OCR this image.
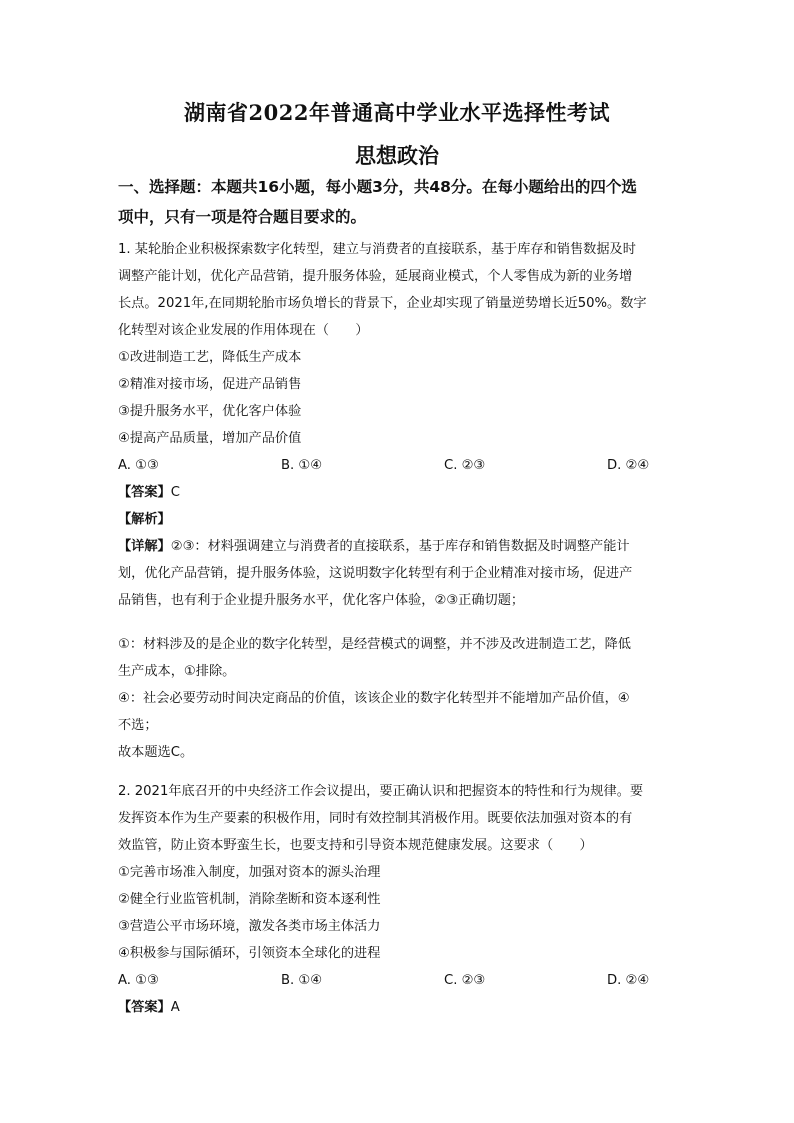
湖南省2022年普通高中学业水平选择性考试
思想政治
一、选择题：本题共16小题，每小题3分，共48分。在每小题给出的四个选
项中，只有一项是符合题目要求的。
1. 某轮胎企业积极探索数字化转型，建立与消费者的直接联系，基于库存和销售数据及时
调整产能计划，优化产品营销，提升服务体验，延展商业模式，个人零售成为新的业务增
长点。2021年,在同期轮胎市场负增长的背景下，企业却实现了销量逆势增长近50%。数字
化转型对该企业发展的作用体现在（　　）
①改进制造工艺，降低生产成本
②精准对接市场，促进产品销售
③提升服务水平，优化客户体验
④提高产品质量，增加产品价值
A. ①③	B. ①④	C. ②③	D. ②④
【答案】C
【解析】
【详解】②③：材料强调建立与消费者的直接联系，基于库存和销售数据及时调整产能计
划，优化产品营销，提升服务体验，这说明数字化转型有利于企业精准对接市场，促进产
品销售，也有利于企业提升服务水平，优化客户体验，②③正确切题；
①：材料涉及的是企业的数字化转型，是经营模式的调整，并不涉及改进制造工艺，降低
生产成本，①排除。
④：社会必要劳动时间决定商品的价值，该该企业的数字化转型并不能增加产品价值，④
不选；
故本题选C。
2. 2021年底召开的中央经济工作会议提出，要正确认识和把握资本的特性和行为规律。要
发挥资本作为生产要素的积极作用，同时有效控制其消极作用。既要依法加强对资本的有
效监管，防止资本野蛮生长，也要支持和引导资本规范健康发展。这要求（　　）
①完善市场准入制度，加强对资本的源头治理
②健全行业监管机制，消除垄断和资本逐利性
③营造公平市场环境，激发各类市场主体活力
④积极参与国际循环，引领资本全球化的进程
A. ①③	B. ①④	C. ②③	D. ②④
【答案】A
